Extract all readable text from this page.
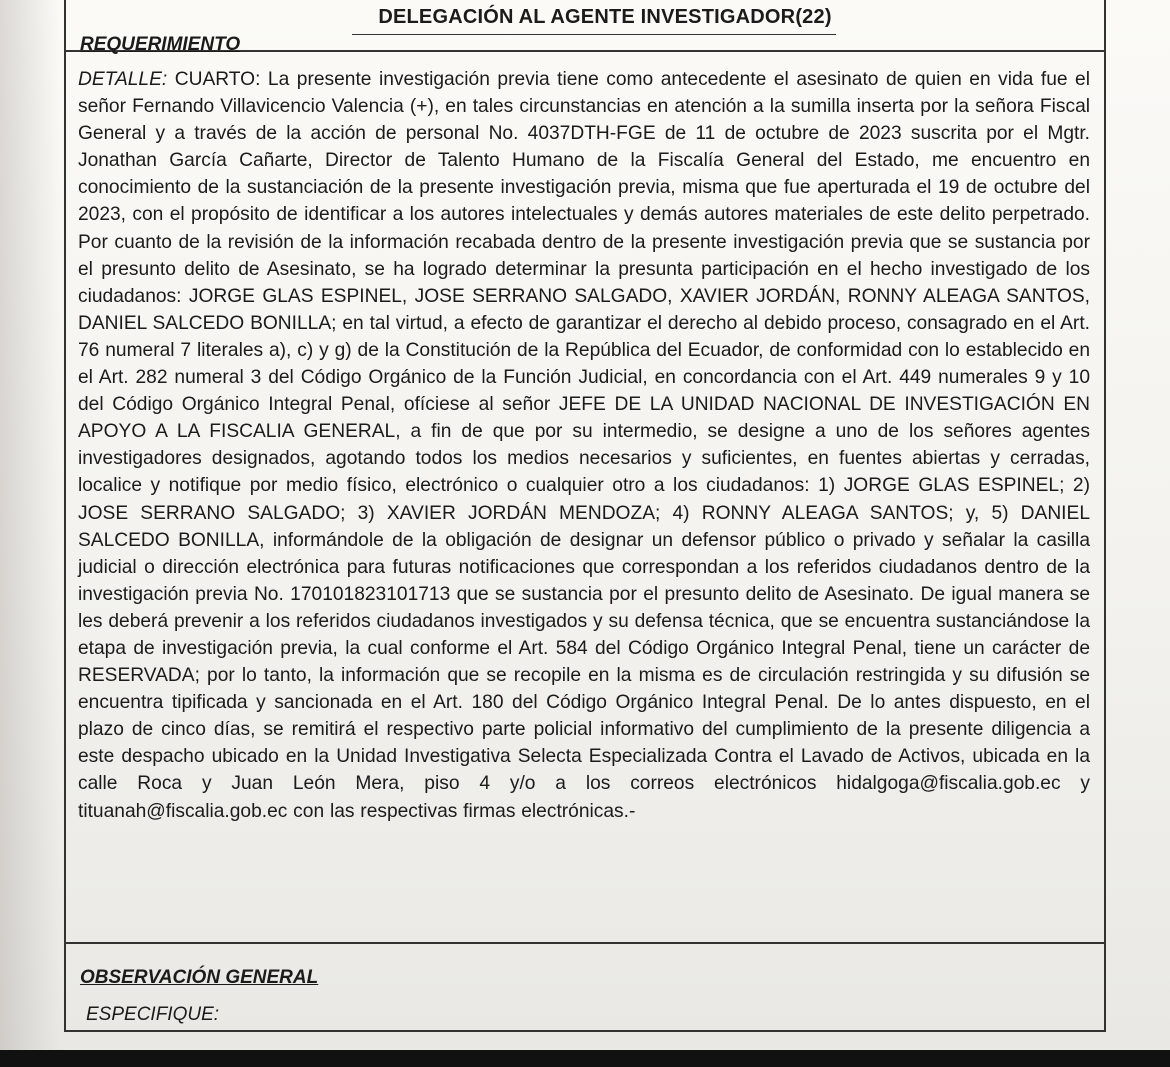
DELEGACIÓN AL AGENTE INVESTIGADOR(22)
REQUERIMIENTO
DETALLE: CUARTO: La presente investigación previa tiene como antecedente el asesinato de quien en vida fue el señor Fernando Villavicencio Valencia (+), en tales circunstancias en atención a la sumilla inserta por la señora Fiscal General y a través de la acción de personal No. 4037DTH-FGE de 11 de octubre de 2023 suscrita por el Mgtr. Jonathan García Cañarte, Director de Talento Humano de la Fiscalía General del Estado, me encuentro en conocimiento de la sustanciación de la presente investigación previa, misma que fue aperturada el 19 de octubre del 2023, con el propósito de identificar a los autores intelectuales y demás autores materiales de este delito perpetrado. Por cuanto de la revisión de la información recabada dentro de la presente investigación previa que se sustancia por el presunto delito de Asesinato, se ha logrado determinar la presunta participación en el hecho investigado de los ciudadanos: JORGE GLAS ESPINEL, JOSE SERRANO SALGADO, XAVIER JORDÁN, RONNY ALEAGA SANTOS, DANIEL SALCEDO BONILLA; en tal virtud, a efecto de garantizar el derecho al debido proceso, consagrado en el Art. 76 numeral 7 literales a), c) y g) de la Constitución de la República del Ecuador, de conformidad con lo establecido en el Art. 282 numeral 3 del Código Orgánico de la Función Judicial, en concordancia con el Art. 449 numerales 9 y 10 del Código Orgánico Integral Penal, ofíciese al señor JEFE DE LA UNIDAD NACIONAL DE INVESTIGACIÓN EN APOYO A LA FISCALIA GENERAL, a fin de que por su intermedio, se designe a uno de los señores agentes investigadores designados, agotando todos los medios necesarios y suficientes, en fuentes abiertas y cerradas, localice y notifique por medio físico, electrónico o cualquier otro a los ciudadanos: 1) JORGE GLAS ESPINEL; 2) JOSE SERRANO SALGADO; 3) XAVIER JORDÁN MENDOZA; 4) RONNY ALEAGA SANTOS; y, 5) DANIEL SALCEDO BONILLA, informándole de la obligación de designar un defensor público o privado y señalar la casilla judicial o dirección electrónica para futuras notificaciones que correspondan a los referidos ciudadanos dentro de la investigación previa No. 170101823101713 que se sustancia por el presunto delito de Asesinato. De igual manera se les deberá prevenir a los referidos ciudadanos investigados y su defensa técnica, que se encuentra sustanciándose la etapa de investigación previa, la cual conforme el Art. 584 del Código Orgánico Integral Penal, tiene un carácter de RESERVADA; por lo tanto, la información que se recopile en la misma es de circulación restringida y su difusión se encuentra tipificada y sancionada en el Art. 180 del Código Orgánico Integral Penal. De lo antes dispuesto, en el plazo de cinco días, se remitirá el respectivo parte policial informativo del cumplimiento de la presente diligencia a este despacho ubicado en la Unidad Investigativa Selecta Especializada Contra el Lavado de Activos, ubicada en la calle Roca y Juan León Mera, piso 4 y/o a los correos electrónicos hidalgoga@fiscalia.gob.ec y tituanah@fiscalia.gob.ec con las respectivas firmas electrónicas.-
OBSERVACIÓN GENERAL
ESPECIFIQUE:
